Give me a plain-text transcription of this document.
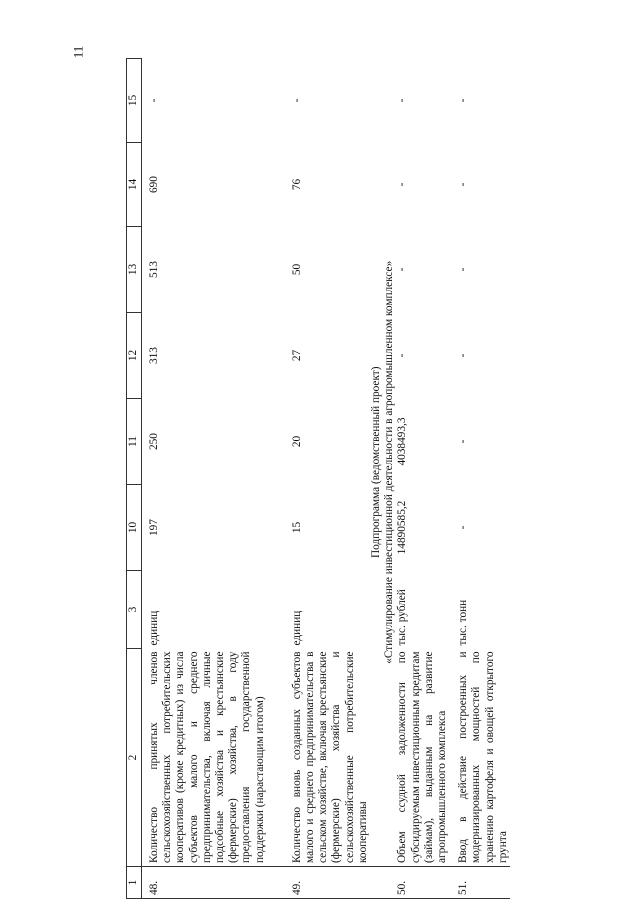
11
1	2	3	10	11	12	13	14	15
48.	Количество принятых членов сельскохозяйственных потребительских кооперативов (кроме кредитных) из числа субъектов малого и среднего предпринимательства, включая личные подсобные хозяйства и крестьянские (фермерские) хозяйства, в году предоставления государственной поддержки (нарастающим итогом)	единиц	197	250	313	513	690	-

49.	Количество вновь созданных субъектов малого и среднего предпринимательства в сельском хозяйстве, включая крестьянские (фермерские) хозяйства и сельскохозяйственные потребительские кооперативы	единиц	15	20	27	50	76	-

	Подпрограмма (ведомственный проект) «Стимулирование инвестиционной деятельности в агропромышленном комплексе»							

50.	Объем ссудной задолженности по субсидируемым инвестиционным кредитам (займам), выданным на развитие агропромышленного комплекса	тыс. рублей	14890585,2	4038493,3	-	-	-	-

51.	Ввод в действие построенных и модернизированных мощностей по хранению картофеля и овощей открытого грунта	тыс. тонн	-	-	-	-	-	-
